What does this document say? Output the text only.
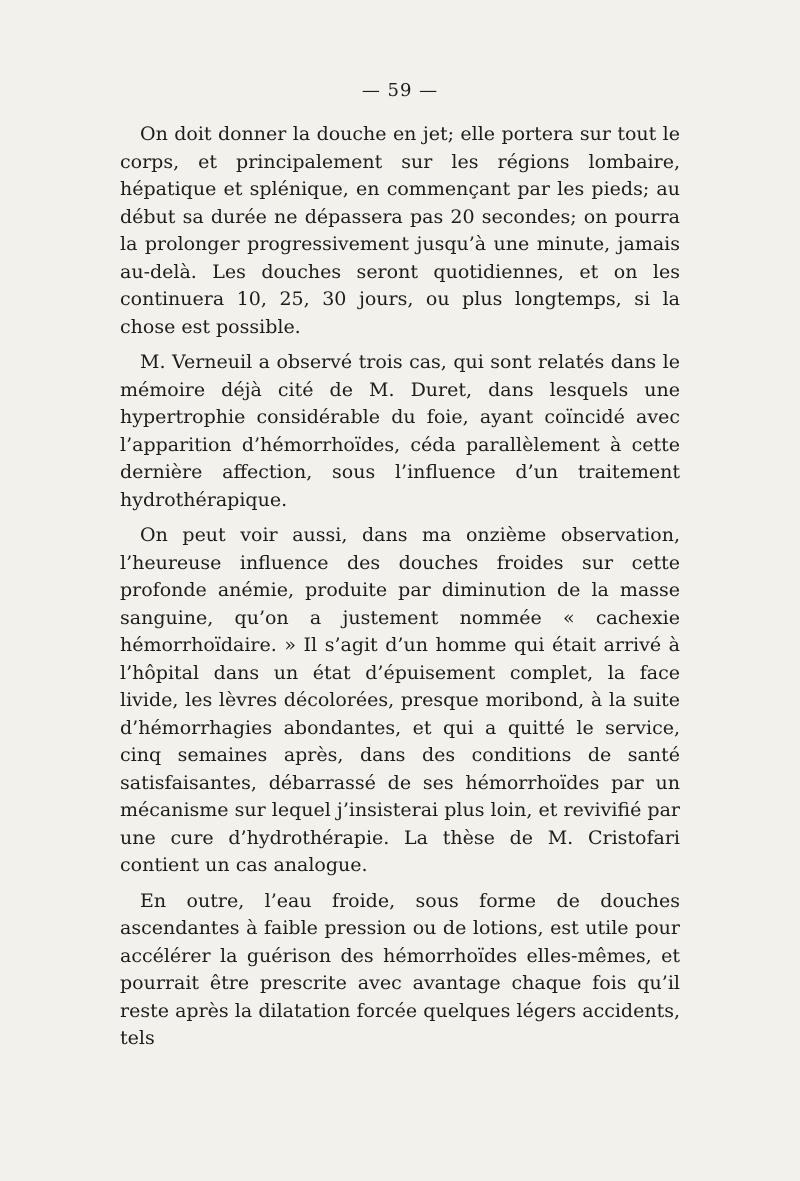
— 59 —

On doit donner la douche en jet; elle portera sur tout le corps, et principalement sur les régions lombaire, hépatique et splénique, en commençant par les pieds; au début sa durée ne dépassera pas 20 secondes; on pourra la prolonger progressivement jusqu’à une minute, jamais au-delà. Les douches seront quotidiennes, et on les continuera 10, 25, 30 jours, ou plus longtemps, si la chose est possible.

M. Verneuil a observé trois cas, qui sont relatés dans le mémoire déjà cité de M. Duret, dans lesquels une hypertrophie considérable du foie, ayant coïncidé avec l’apparition d’hémorrhoïdes, céda parallèlement à cette dernière affection, sous l’influence d’un traitement hydrothérapique.

On peut voir aussi, dans ma onzième observation, l’heureuse influence des douches froides sur cette profonde anémie, produite par diminution de la masse sanguine, qu’on a justement nommée « cachexie hémorrhoïdaire. » Il s’agit d’un homme qui était arrivé à l’hôpital dans un état d’épuisement complet, la face livide, les lèvres décolorées, presque moribond, à la suite d’hémorrhagies abondantes, et qui a quitté le service, cinq semaines après, dans des conditions de santé satisfaisantes, débarrassé de ses hémorrhoïdes par un mécanisme sur lequel j’insisterai plus loin, et revivifié par une cure d’hydrothérapie. La thèse de M. Cristofari contient un cas analogue.

En outre, l’eau froide, sous forme de douches ascendantes à faible pression ou de lotions, est utile pour accélérer la guérison des hémorrhoïdes elles-mêmes, et pourrait être prescrite avec avantage chaque fois qu’il reste après la dilatation forcée quelques légers accidents, tels
